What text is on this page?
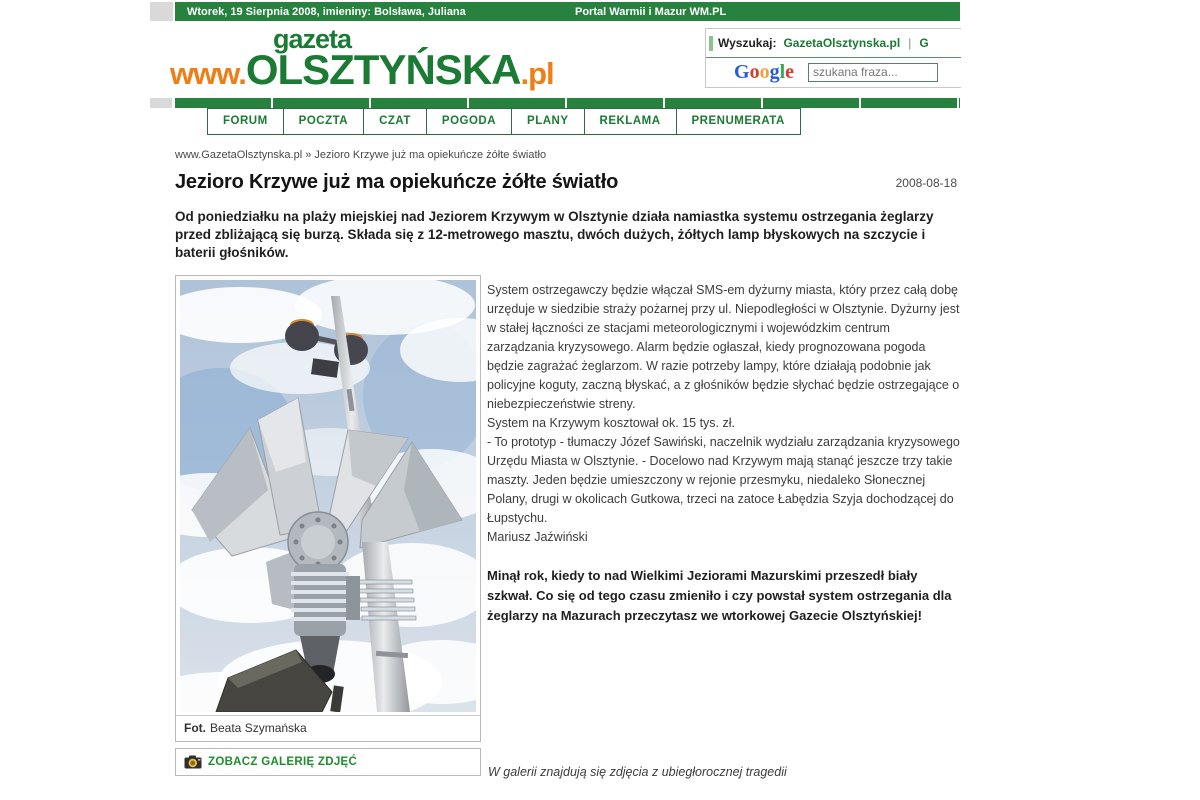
Wtorek, 19 Sierpnia 2008, imieniny: Bolsława, Juliana	Portal Warmii i Mazur WM.PL
gazeta
www.OLSZTYŃSKA.pl
Wyszukaj: GazetaOlsztynska.pl | G
Google
szukana fraza...
FORUM	POCZTA	CZAT	POGODA	PLANY	REKLAMA	PRENUMERATA
www.GazetaOlsztynska.pl » Jezioro Krzywe już ma opiekuńcze żółte światło
Jezioro Krzywe już ma opiekuńcze żółte światło	2008-08-18
Od poniedziałku na plaży miejskiej nad Jeziorem Krzywym w Olsztynie działa namiastka systemu ostrzegania żeglarzy przed zbliżającą się burzą. Składa się z 12-metrowego masztu, dwóch dużych, żółtych lamp błyskowych na szczycie i baterii głośników.
Fot. Beata Szymańska
ZOBACZ GALERIĘ ZDJĘĆ
System ostrzegawczy będzie włączał SMS-em dyżurny miasta, który przez całą dobę urzęduje w siedzibie straży pożarnej przy ul. Niepodległości w Olsztynie. Dyżurny jest w stałej łączności ze stacjami meteorologicznymi i wojewódzkim centrum zarządzania kryzysowego. Alarm będzie ogłaszał, kiedy prognozowana pogoda będzie zagrażać żeglarzom. W razie potrzeby lampy, które działają podobnie jak policyjne koguty, zaczną błyskać, a z głośników będzie słychać będzie ostrzegające o niebezpieczeństwie streny.
System na Krzywym kosztował ok. 15 tys. zł.
- To prototyp - tłumaczy Józef Sawiński, naczelnik wydziału zarządzania kryzysowego Urzędu Miasta w Olsztynie. - Docelowo nad Krzywym mają stanąć jeszcze trzy takie maszty. Jeden będzie umieszczony w rejonie przesmyku, niedaleko Słonecznej Polany, drugi w okolicach Gutkowa, trzeci na zatoce Łabędzia Szyja dochodzącej do Łupstychu.
Mariusz Jaźwiński
Minął rok, kiedy to nad Wielkimi Jeziorami Mazurskimi przeszedł biały szkwał. Co się od tego czasu zmieniło i czy powstał system ostrzegania dla żeglarzy na Mazurach przeczytasz we wtorkowej Gazecie Olsztyńskiej!
W galerii znajdują się zdjęcia z ubiegłorocznej tragedii
